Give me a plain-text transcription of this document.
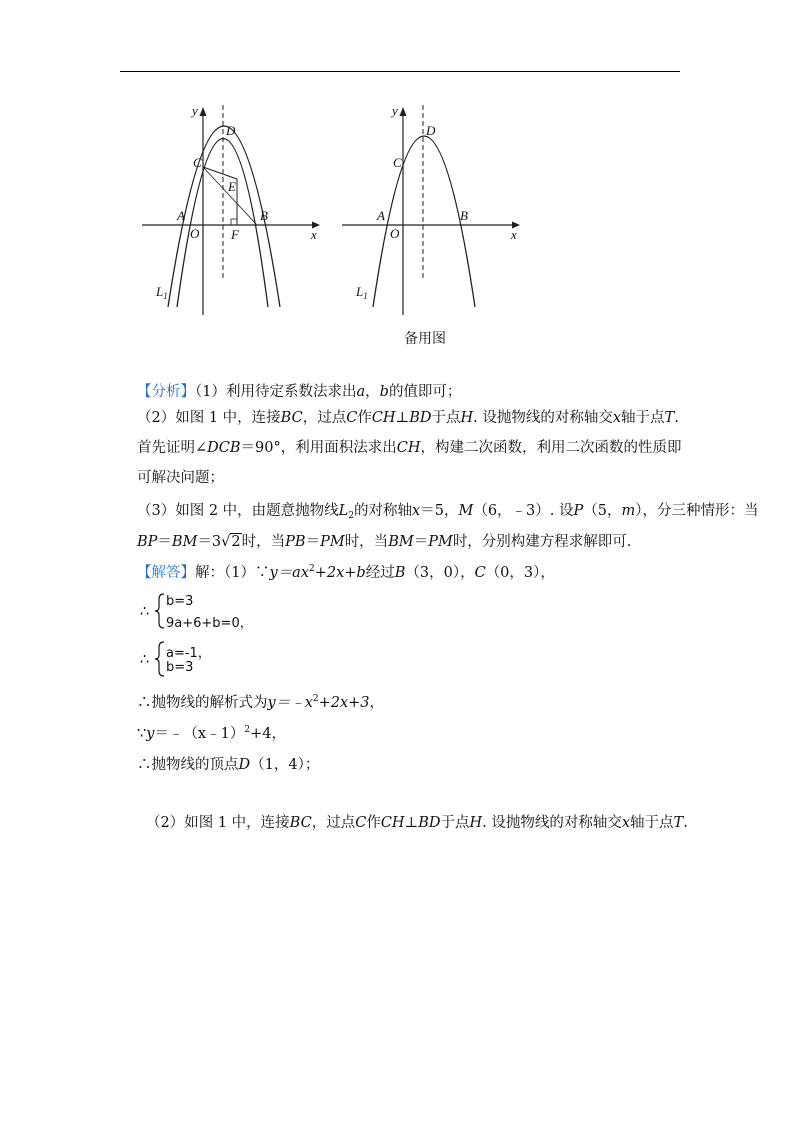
y
D
C
E
A
O F
B
x
$L_1$
y
D
C
A
O
B
x
$L_1$
备用图
【分析】（1）利用待定系数法求出a，b的值即可；
（2）如图 1 中，连接BC，过点C作CH⊥BD于点H. 设抛物线的对称轴交x轴于点T. 首先证明∠DCB＝90°，利用面积法求出CH，构建二次函数，利用二次函数的性质即可解决问题；
（3）如图 2 中，由题意抛物线$L_2$的对称轴x＝5，M（6，﹣3）. 设P（5，m），分三种情形：当
BP＝BM＝3√2时，当PB＝PM时，当BM＝PM时，分别构建方程求解即可.
【解答】解：$(1)\because y=ax^2+2x+b$经过B（3，0），C（0，3），
∴
b=3
9a+6+b=0，
∴ a=-1，
b=3
∴抛物线的解析式为$y=﹣x^2+2x+3$，
∵y＝﹣（x﹣1）$^2$+4，
∴抛物线的顶点D（1，4）；
（2）如图 1 中，连接BC，过点C作CH⊥BD于点H. 设抛物线的对称轴交x轴于点T.
